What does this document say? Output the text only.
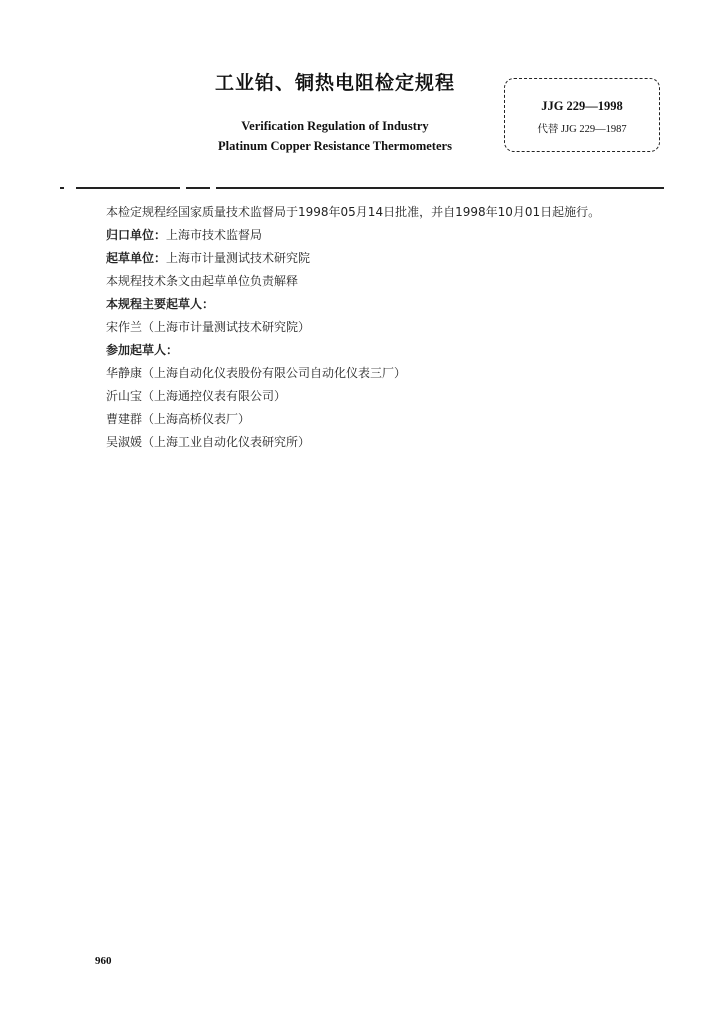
工业铂、铜热电阻检定规程
Verification Regulation of Industry
Platinum Copper Resistance Thermometers
JJG 229—1998
代替 JJG 229—1987

本检定规程经国家质量技术监督局于1998年05月14日批准，并自1998年10月01日起施行。

归口单位：上海市技术监督局

起草单位：上海市计量测试技术研究院

本规程技术条文由起草单位负责解释

本规程主要起草人：

宋作兰（上海市计量测试技术研究院）

参加起草人：

华静康（上海自动化仪表股份有限公司自动化仪表三厂）

沂山宝（上海通控仪表有限公司）

曹建群（上海高桥仪表厂）

吴淑媛（上海工业自动化仪表研究所）

960
